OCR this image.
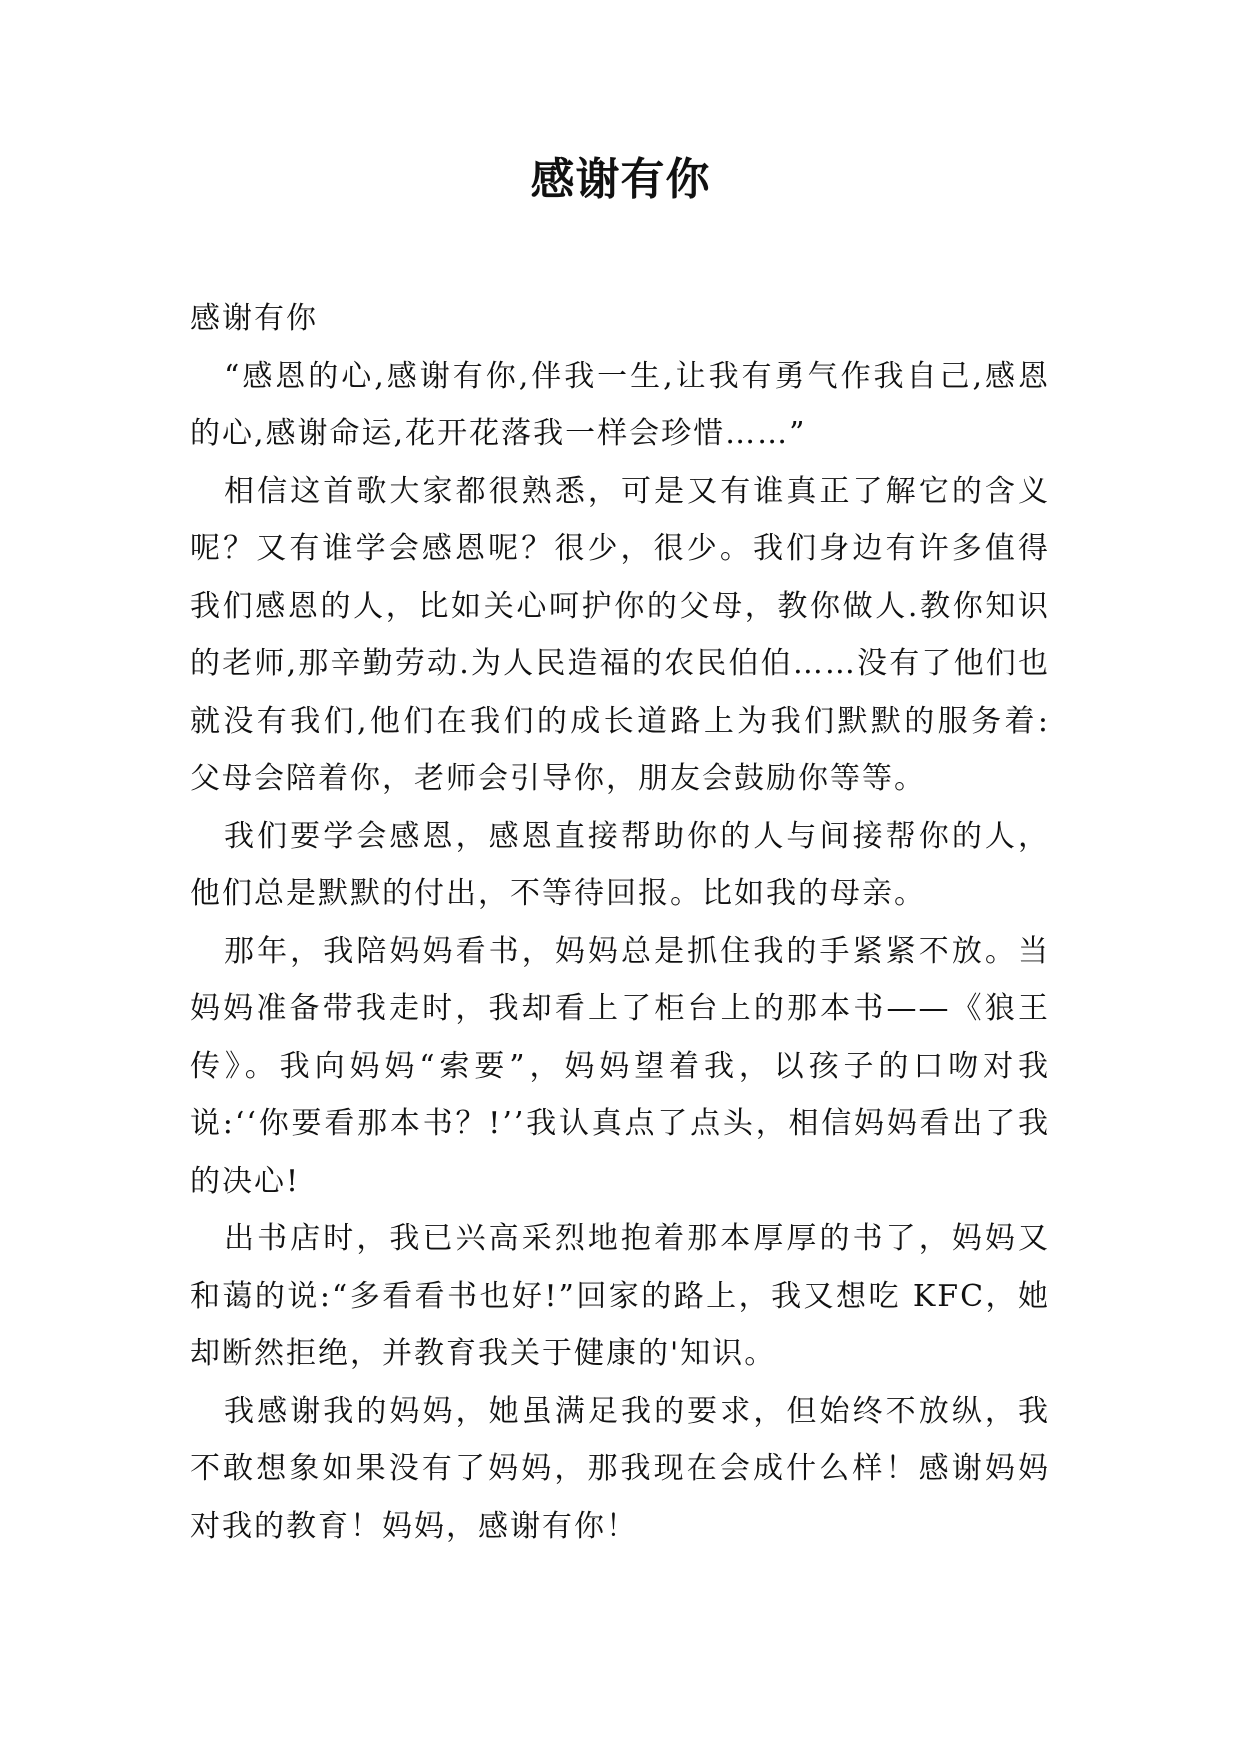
感谢有你

感谢有你

“感恩的心,感谢有你,伴我一生,让我有勇气作我自己,感恩的心,感谢命运,花开花落我一样会珍惜……”

相信这首歌大家都很熟悉，可是又有谁真正了解它的含义呢？又有谁学会感恩呢？很少，很少。我们身边有许多值得我们感恩的人，比如关心呵护你的父母，教你做人.教你知识的老师,那辛勤劳动.为人民造福的农民伯伯……没有了他们也就没有我们,他们在我们的成长道路上为我们默默的服务着: 父母会陪着你，老师会引导你，朋友会鼓励你等等。

我们要学会感恩，感恩直接帮助你的人与间接帮你的人，他们总是默默的付出，不等待回报。比如我的母亲。

那年，我陪妈妈看书，妈妈总是抓住我的手紧紧不放。当妈妈准备带我走时，我却看上了柜台上的那本书——《狼王传》。我向妈妈“索要”，妈妈望着我，以孩子的口吻对我说:‘‘你要看那本书？!’’我认真点了点头，相信妈妈看出了我的决心!

出书店时，我已兴高采烈地抱着那本厚厚的书了，妈妈又和蔼的说:“多看看书也好!”回家的路上，我又想吃 KFC，她却断然拒绝，并教育我关于健康的'知识。

我感谢我的妈妈，她虽满足我的要求，但始终不放纵，我不敢想象如果没有了妈妈，那我现在会成什么样！感谢妈妈对我的教育！妈妈，感谢有你！
